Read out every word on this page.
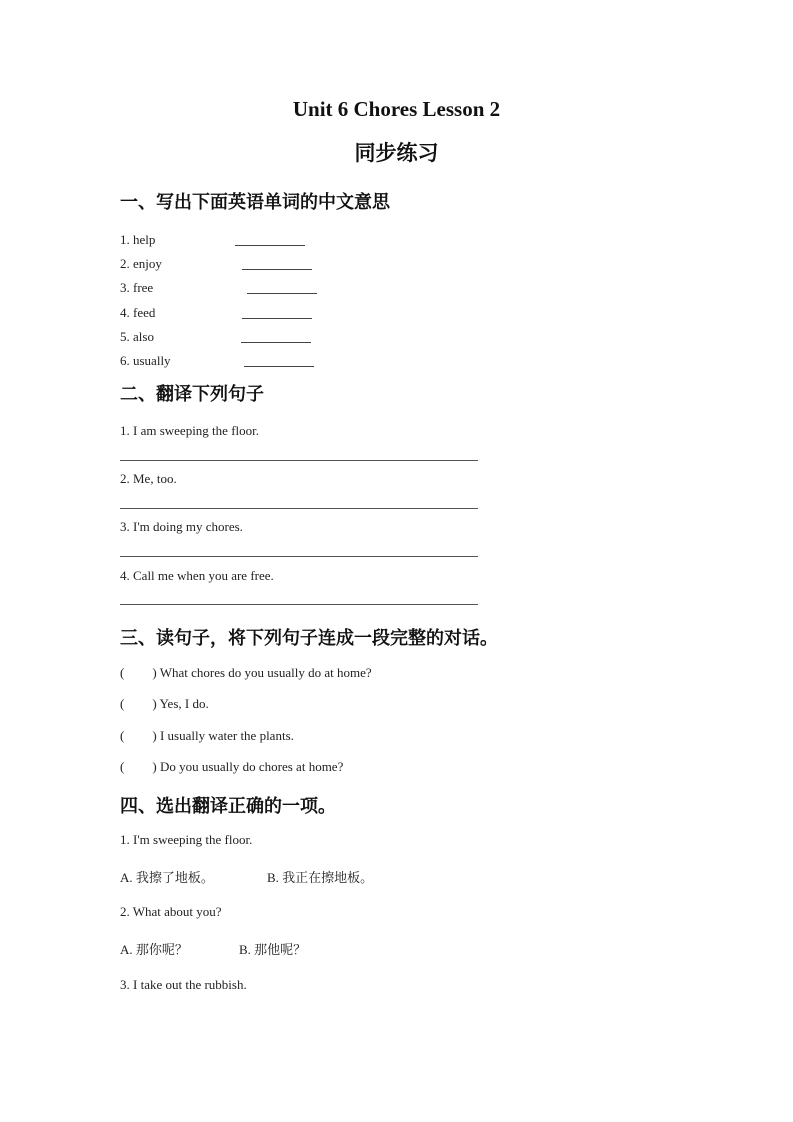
Unit 6 Chores Lesson 2
同步练习
一、写出下面英语单词的中文意思
1. help
2. enjoy
3. free
4. feed
5. also
6. usually
二、翻译下列句子
1. I am sweeping the floor.
2. Me, too.
3. I'm doing my chores.
4. Call me when you are free.
三、读句子，将下列句子连成一段完整的对话。
( ) What chores do you usually do at home?
( ) Yes, I do.
( ) I usually water the plants.
( ) Do you usually do chores at home?
四、选出翻译正确的一项。
1. I'm sweeping the floor.
A. 我擦了地板。	B. 我正在擦地板。
2. What about you?
A. 那你呢？	B. 那他呢？
3. I take out the rubbish.
